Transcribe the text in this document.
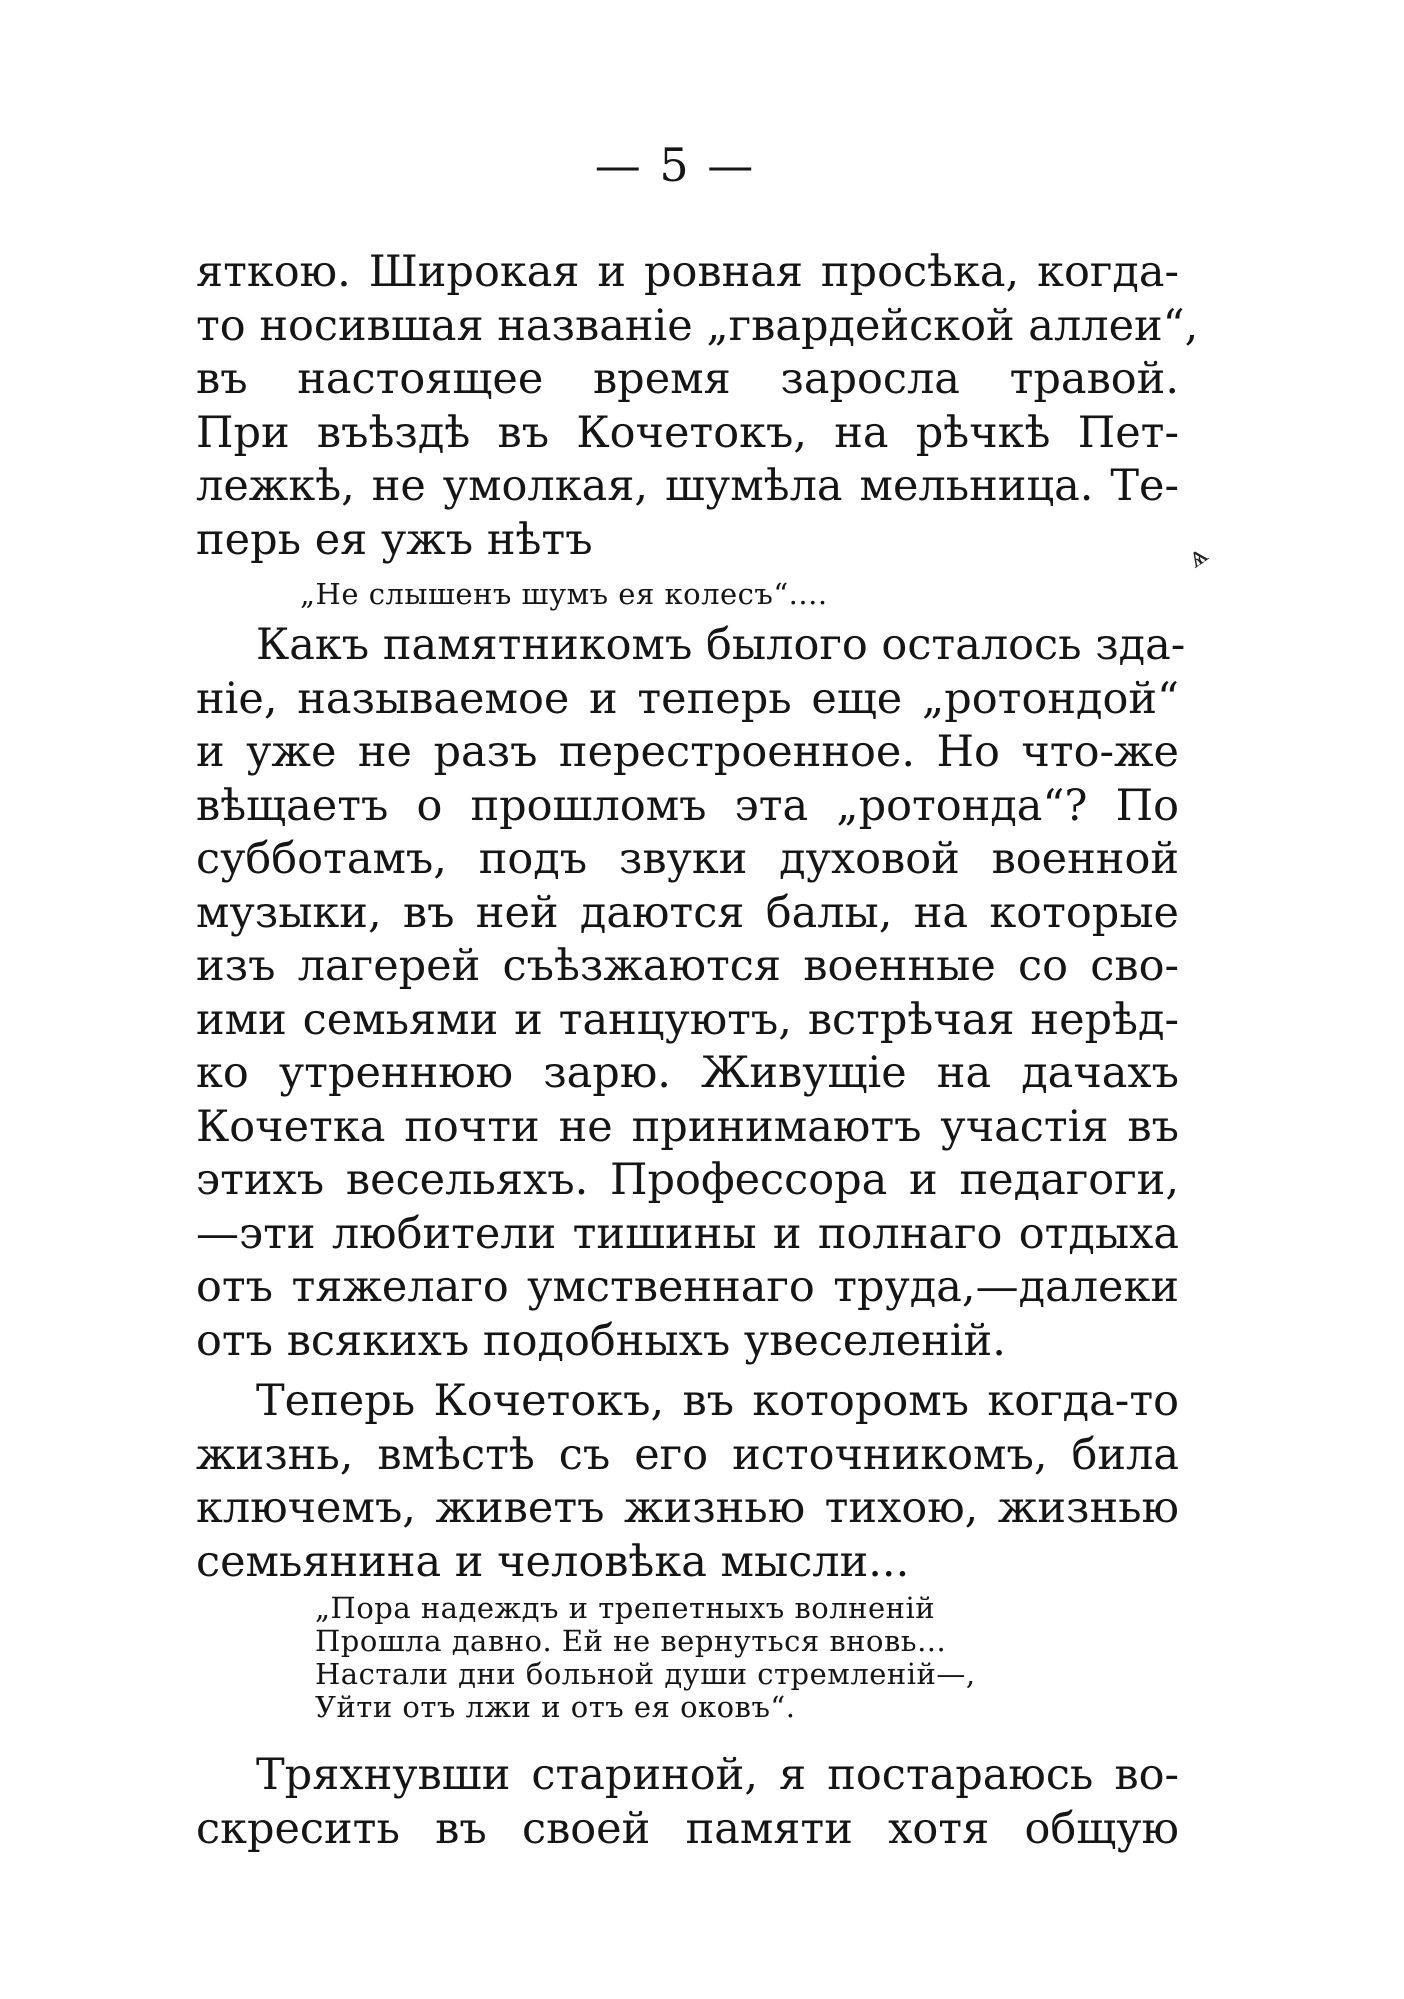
— 5 —
яткою. Широкая и ровная просѣка, когда-
то носившая названіе „гвардейской аллеи“,
въ настоящее время заросла травой.
При въѣздѣ въ Кочетокъ, на рѣчкѣ Пет-
лежкѣ, не умолкая, шумѣла мельница. Те-
перь ея ужъ нѣтъ	ѧ
„Не слышенъ шумъ ея колесъ“....
Какъ памятникомъ былого осталось зда-
ніе, называемое и теперь еще „ротондой“
и уже не разъ перестроенное. Но что-же
вѣщаетъ о прошломъ эта „ротонда“? По
субботамъ, подъ звуки духовой военной
музыки, въ ней даются балы, на которые
изъ лагерей съѣзжаются военные со сво-
ими семьями и танцуютъ, встрѣчая нерѣд-
ко утреннюю зарю. Живущіе на дачахъ
Кочетка почти не принимаютъ участія въ
этихъ весельяхъ. Профессора и педагоги,
—эти любители тишины и полнаго отдыха
отъ тяжелаго умственнаго труда,—далеки
отъ всякихъ подобныхъ увеселеній.
Теперь Кочетокъ, въ которомъ когда-то
жизнь, вмѣстѣ съ его источникомъ, била
ключемъ, живетъ жизнью тихою, жизнью
семьянина и человѣка мысли...
„Пора надеждъ и трепетныхъ волненій
Прошла давно. Ей не вернуться вновь...
Настали дни больной души стремленій—,
Уйти отъ лжи и отъ ея оковъ“.
Тряхнувши стариной, я постараюсь во-
скресить въ своей памяти хотя общую
